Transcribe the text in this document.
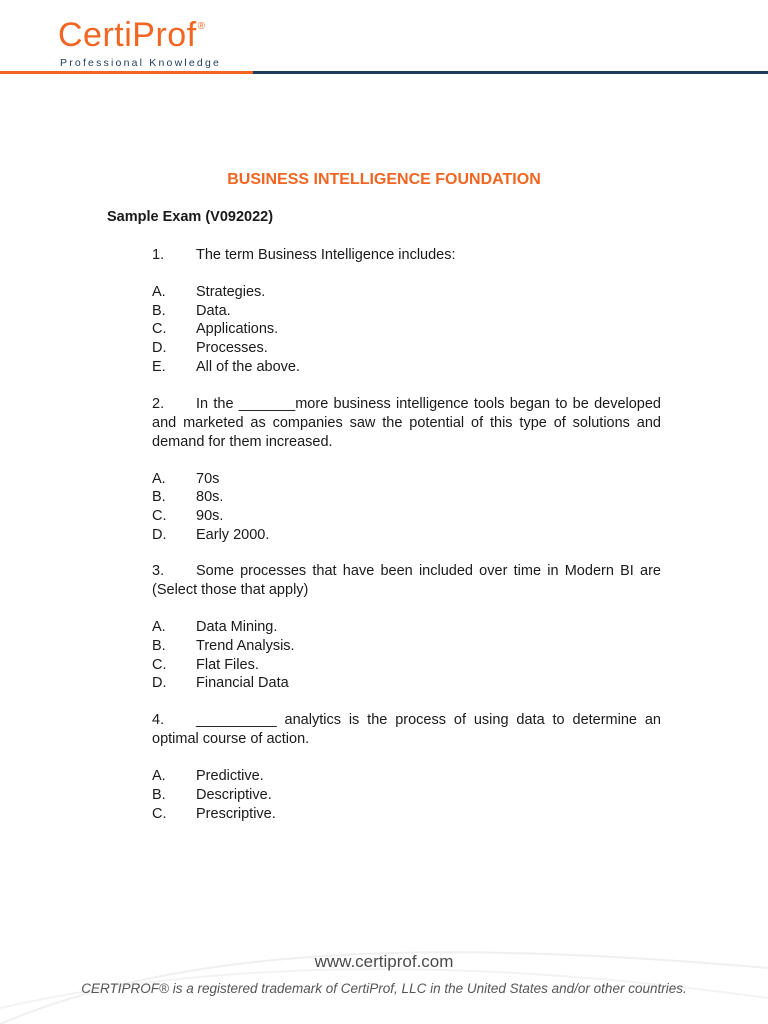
CertiProf®
Professional Knowledge
BUSINESS INTELLIGENCE FOUNDATION
Sample Exam (V092022)
1. The term Business Intelligence includes:
A.	Strategies.
B.	Data.
C.	Applications.
D.	Processes.
E.	All of the above.
2. In the _______more business intelligence tools began to be developed and marketed as companies saw the potential of this type of solutions and demand for them increased.
A.	70s
B.	80s.
C.	90s.
D.	Early 2000.
3. Some processes that have been included over time in Modern BI are (Select those that apply)
A.	Data Mining.
B.	Trend Analysis.
C.	Flat Files.
D.	Financial Data
4. __________ analytics is the process of using data to determine an optimal course of action.
A.	Predictive.
B.	Descriptive.
C.	Prescriptive.
www.certiprof.com
CERTIPROF® is a registered trademark of CertiProf, LLC in the United States and/or other countries.
